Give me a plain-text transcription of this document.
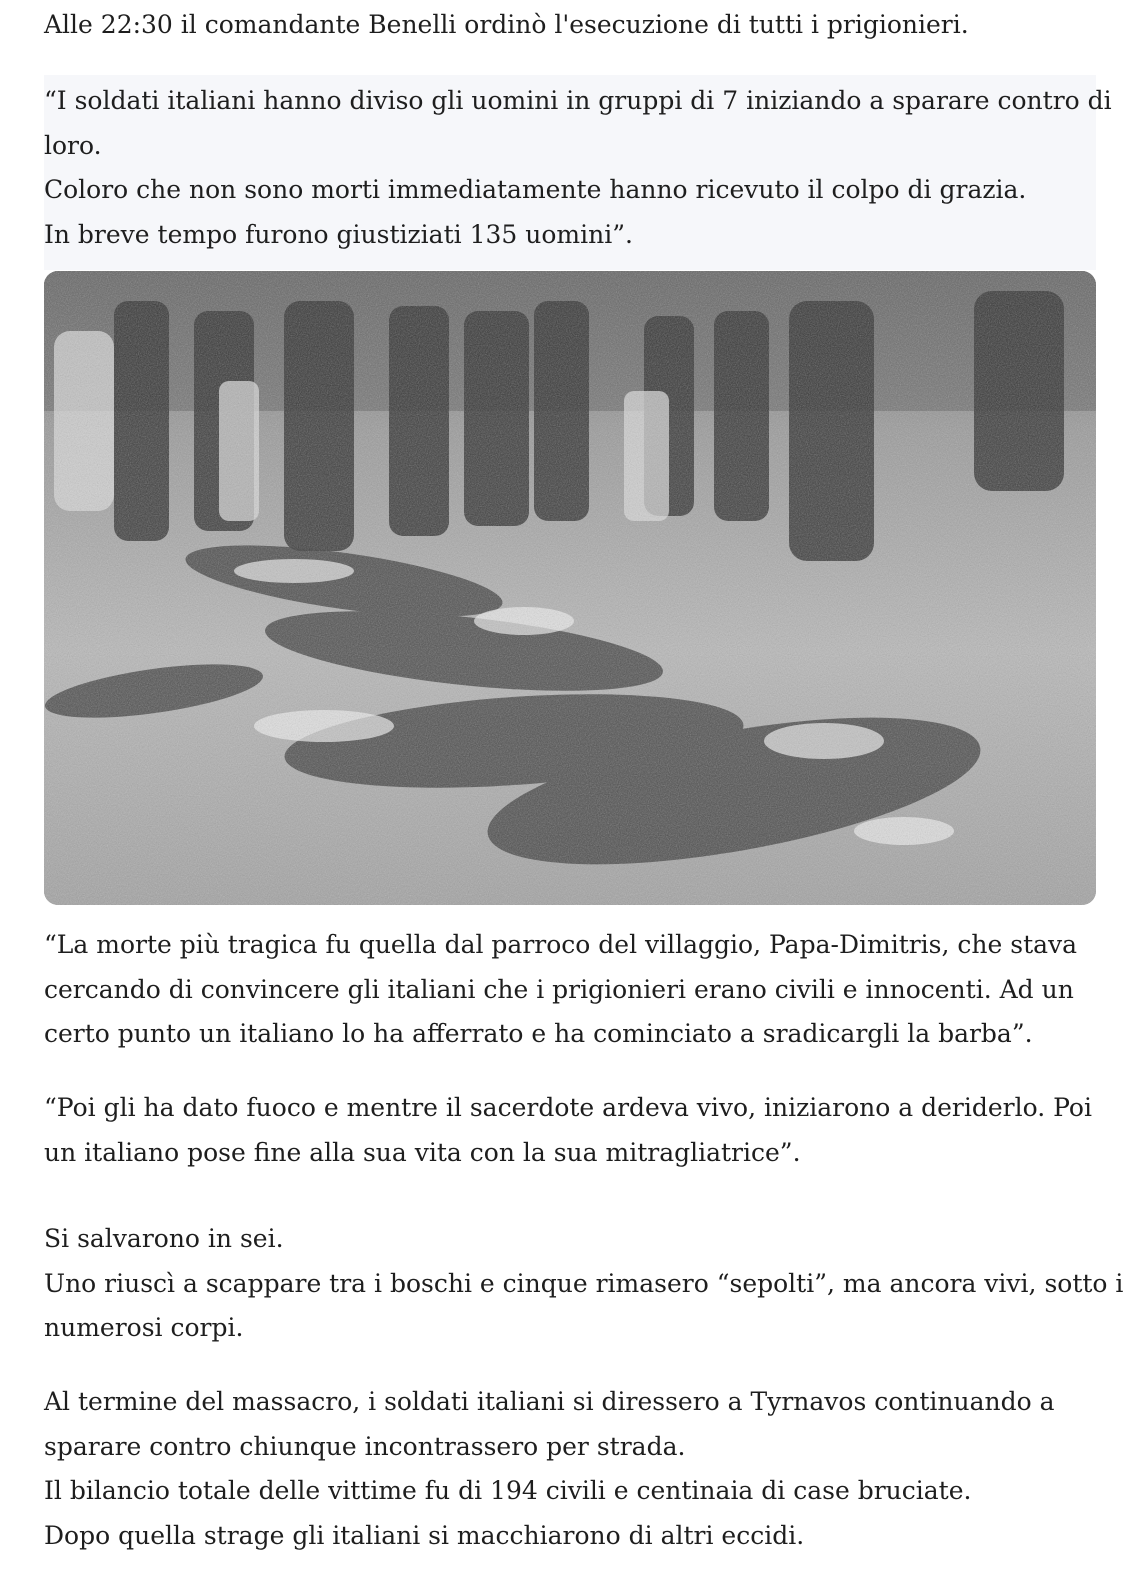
Alle 22:30 il comandante Benelli ordinò l'esecuzione di tutti i prigionieri.
“I soldati italiani hanno diviso gli uomini in gruppi di 7 iniziando a sparare contro di
loro.
Coloro che non sono morti immediatamente hanno ricevuto il colpo di grazia.
In breve tempo furono giustiziati 135 uomini”.
“La morte più tragica fu quella dal parroco del villaggio, Papa-Dimitris, che stava
cercando di convincere gli italiani che i prigionieri erano civili e innocenti. Ad un
certo punto un italiano lo ha afferrato e ha cominciato a sradicargli la barba”.
“Poi gli ha dato fuoco e mentre il sacerdote ardeva vivo, iniziarono a deriderlo. Poi
un italiano pose fine alla sua vita con la sua mitragliatrice”.
Si salvarono in sei.
Uno riuscì a scappare tra i boschi e cinque rimasero “sepolti”, ma ancora vivi, sotto i
numerosi corpi.
Al termine del massacro, i soldati italiani si diressero a Tyrnavos continuando a
sparare contro chiunque incontrassero per strada.
Il bilancio totale delle vittime fu di 194 civili e centinaia di case bruciate.
Dopo quella strage gli italiani si macchiarono di altri eccidi.
